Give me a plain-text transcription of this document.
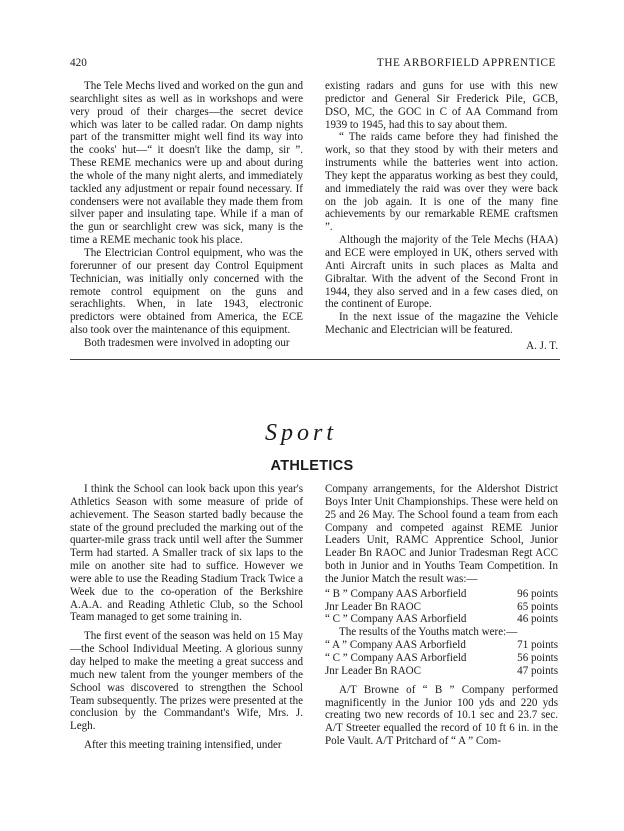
420	THE ARBORFIELD APPRENTICE

The Tele Mechs lived and worked on the gun and searchlight sites as well as in workshops and were very proud of their charges—the secret device which was later to be called radar. On damp nights part of the transmitter might well find its way into the cooks' hut—“ it doesn't like the damp, sir ”. These REME mechanics were up and about during the whole of the many night alerts, and immediately tackled any adjustment or repair found necessary. If condensers were not available they made them from silver paper and insulating tape. While if a man of the gun or searchlight crew was sick, many is the time a REME mechanic took his place.

The Electrician Control equipment, who was the forerunner of our present day Control Equipment Technician, was initially only concerned with the remote control equipment on the guns and serachlights. When, in late 1943, electronic predictors were obtained from America, the ECE also took over the maintenance of this equipment.

Both tradesmen were involved in adopting our

existing radars and guns for use with this new predictor and General Sir Frederick Pile, GCB, DSO, MC, the GOC in C of AA Command from 1939 to 1945, had this to say about them.

“ The raids came before they had finished the work, so that they stood by with their meters and instruments while the batteries went into action. They kept the apparatus working as best they could, and immediately the raid was over they were back on the job again. It is one of the many fine achievements by our remarkable REME craftsmen ”.

Although the majority of the Tele Mechs (HAA) and ECE were employed in UK, others served with Anti Aircraft units in such places as Malta and Gibraltar. With the advent of the Second Front in 1944, they also served and in a few cases died, on the continent of Europe.

In the next issue of the magazine the Vehicle Mechanic and Electrician will be featured.

A. J. T.

Sport
ATHLETICS

I think the School can look back upon this year's Athletics Season with some measure of pride of achievement. The Season started badly because the state of the ground precluded the marking out of the quarter-mile grass track until well after the Summer Term had started. A Smaller track of six laps to the mile on another site had to suffice. However we were able to use the Reading Stadium Track Twice a Week due to the co-operation of the Berkshire A.A.A. and Reading Athletic Club, so the School Team managed to get some training in.

The first event of the season was held on 15 May—the School Individual Meeting. A glorious sunny day helped to make the meeting a great success and much new talent from the younger members of the School was discovered to strengthen the School Team subsequently. The prizes were presented at the conclusion by the Commandant's Wife, Mrs. J. Legh.

After this meeting training intensified, under

Company arrangements, for the Aldershot District Boys Inter Unit Championships. These were held on 25 and 26 May. The School found a team from each Company and competed against REME Junior Leaders Unit, RAMC Apprentice School, Junior Leader Bn RAOC and Junior Tradesman Regt ACC both in Junior and in Youths Team Competition. In the Junior Match the result was:—

“ B ” Company AAS Arborfield	96 points
Jnr Leader Bn RAOC	65 points
“ C ” Company AAS Arborfield	46 points

The results of the Youths match were:—

“ A ” Company AAS Arborfield	71 points
“ C ” Company AAS Arborfield	56 points
Jnr Leader Bn RAOC	47 points

A/T Browne of “ B ” Company performed magnificently in the Junior 100 yds and 220 yds creating two new records of 10.1 sec and 23.7 sec. A/T Streeter equalled the record of 10 ft 6 in. in the Pole Vault. A/T Pritchard of “ A ” Com-
